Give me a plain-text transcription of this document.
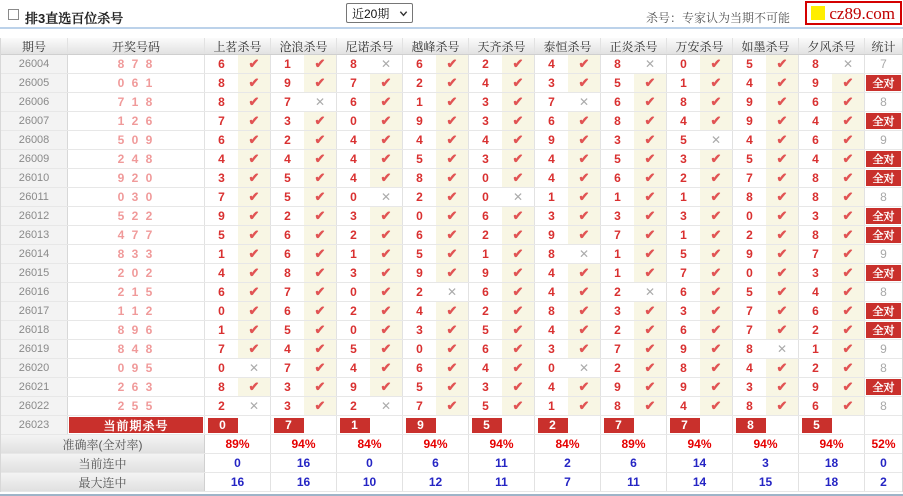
排3直选百位杀号	近20期	杀号：专家认为当期不可能 cz89.com
期号	开奖号码	上茗杀号	沧浪杀号	尼诺杀号	越峰杀号	天齐杀号	泰恒杀号	正炎杀号	万安杀号	如墨杀号	夕风杀号	统计
26004	8 7 8	6	✔	1	✔	8	✕	6	✔	2	✔	4	✔	8	✕	0	✔	5	✔	8	✕ 7
26005	0 6 1	8	✔	9	✔	7	✔	2	✔	4	✔	3	✔	5	✔	1	✔	4	✔	9	✔	全对
26006	7 1 8	8	✔	7	✕	6	✔	1	✔	3	✔	7	✕	6	✔	8	✔	9	✔	6	✔ 8
26007	1 2 6	7	✔	3	✔	0	✔	9	✔	3	✔	6	✔	8	✔	4	✔	9	✔	4	✔	全对
26008	5 0 9	6	✔	2	✔	4	✔	4	✔	4	✔	9	✔	3	✔	5	✕	4	✔	6	✔ 9
26009	2 4 8	4	✔	4	✔	4	✔	5	✔	3	✔	4	✔	5	✔	3	✔	5	✔	4	✔	全对
26010	9 2 0	3	✔	5	✔	4	✔	8	✔	0	✔	4	✔	6	✔	2	✔	7	✔	8	✔	全对
26011	0 3 0	7	✔	5	✔	0	✕	2	✔	0	✕	1	✔	1	✔	1	✔	8	✔	8	✔ 8
26012	5 2 2	9	✔	2	✔	3	✔	0	✔	6	✔	3	✔	3	✔	3	✔	0	✔	3	✔	全对
26013	4 7 7	5	✔	6	✔	2	✔	6	✔	2	✔	9	✔	7	✔	1	✔	2	✔	8	✔	全对
26014	8 3 3	1	✔	6	✔	1	✔	5	✔	1	✔	8	✕	1	✔	5	✔	9	✔	7	✔ 9
26015	2 0 2	4	✔	8	✔	3	✔	9	✔	9	✔	4	✔	1	✔	7	✔	0	✔	3	✔	全对
26016	2 1 5	6	✔	7	✔	0	✔	2	✕	6	✔	4	✔	2	✕	6	✔	5	✔	4	✔ 8
26017	1 1 2	0	✔	6	✔	2	✔	4	✔	2	✔	8	✔	3	✔	3	✔	7	✔	6	✔	全对
26018	8 9 6	1	✔	5	✔	0	✔	3	✔	5	✔	4	✔	2	✔	6	✔	7	✔	2	✔	全对
26019	8 4 8	7	✔	4	✔	5	✔	0	✔	6	✔	3	✔	7	✔	9	✔	8	✕	1	✔ 9
26020	0 9 5	0	✕	7	✔	4	✔	6	✔	4	✔	0	✕	2	✔	8	✔	4	✔	2	✔ 8
26021	2 6 3	8	✔	3	✔	9	✔	5	✔	3	✔	4	✔	9	✔	9	✔	3	✔	9	✔	全对
26022	2 5 5	2	✕	3	✔	2	✕	7	✔	5	✔	1	✔	8	✔	4	✔	8	✔	6	✔ 8
26023	当前期杀号	0	7	1	9	5	2	7	7	8	5
准确率(全对率)	89%	94%	84%	94%	94%	84%	89%	94%	94%	94%	52%
当前连中	0	16	0	6	11	2	6	14	3	18	0
最大连中	16	16	10	12	11	7	11	14	15	18	2
